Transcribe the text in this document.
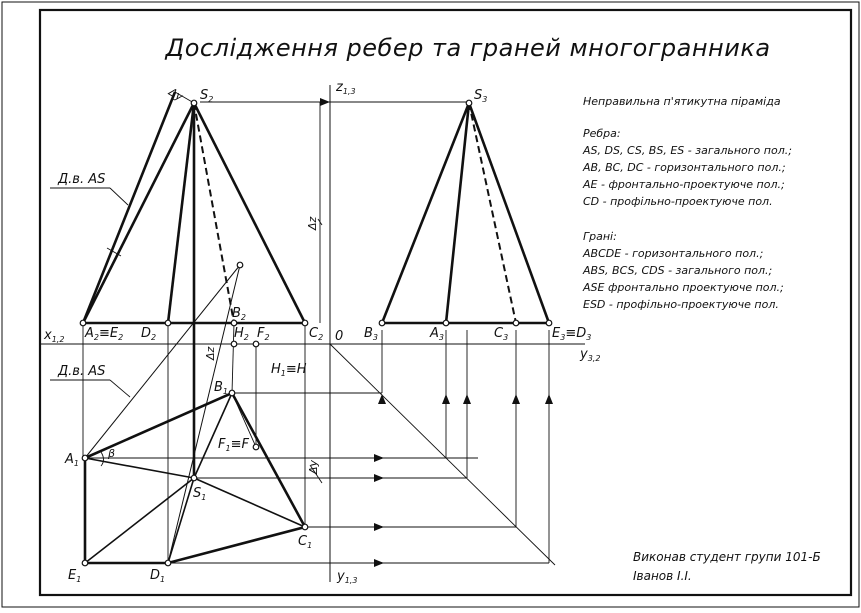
Дослідження ребер та граней многогранника
$S_2$	$S_3$
$A_2\equiv E_2$ $D_2$
$B_2$
$H_2$ $F_2$	$C_2$	$B_3$	$A_3$	$C_3$	$E_3\equiv D_3$
$H_1\equiv H$
$B_1$
$F_1\equiv F$
$A_1$
$S_1$
$C_1$
$E_1$	$D_1$
$z_{1,3}$
$x_{1,2}$
$y_{3,2}$
$y_{1,3}$
0
Δy
Δz
Δz
Δy
β
Д.в. AS
Д.в. AS
Неправильна п'ятикутна піраміда
Ребра:
AS, DS, CS, BS, ES - загального пол.;
AB, BC, DC - горизонтального пол.;
AE - фронтально-проектуюче пол.;
CD - профільно-проектуюче пол.
Грані:
ABCDE - горизонтального пол.;
ABS, BCS, CDS - загального пол.;
ASE фронтально проектуюче пол.;
ESD - профільно-проектуюче пол.
Виконав студент групи 101-Б
Іванов І.І.
